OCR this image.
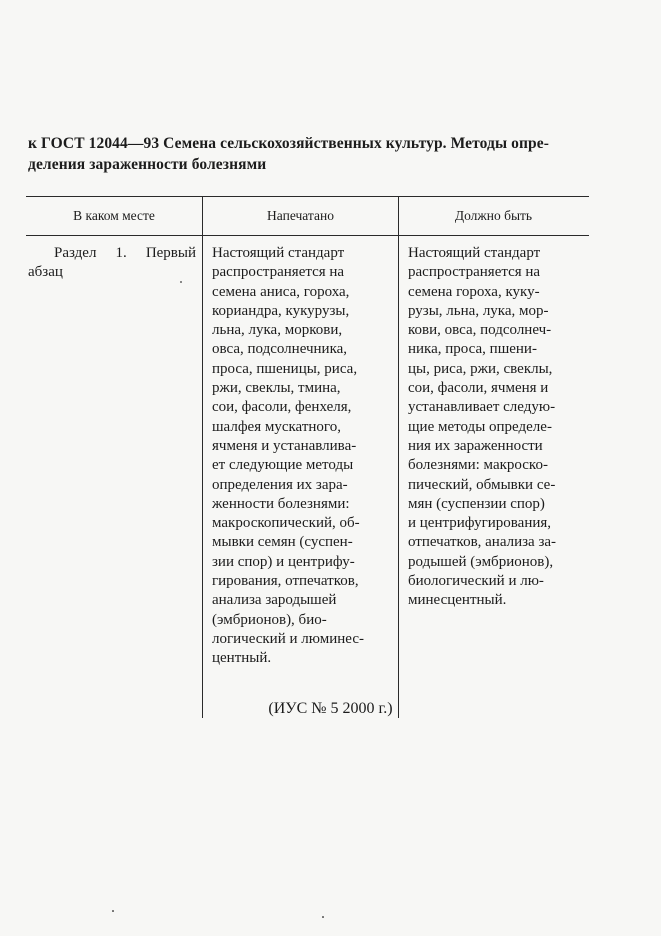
к ГОСТ 12044—93 Семена сельскохозяйственных культур. Методы опре-
деления зараженности болезнями
В каком месте	Напечатано	Должно быть
Раздел 1. Первый абзац
Настоящий стандарт
распространяется на
семена аниса, гороха,
кориандра, кукурузы,
льна, лука, моркови,
овса, подсолнечника,
проса, пшеницы, риса,
ржи, свеклы, тмина,
сои, фасоли, фенхеля,
шалфея мускатного,
ячменя и устанавлива-
ет следующие методы
определения их зара-
женности болезнями:
макроскопический, об-
мывки семян (суспен-
зии спор) и центрифу-
гирования, отпечатков,
анализа зародышей
(эмбрионов), био-
логический и люминес-
центный.
Настоящий стандарт
распространяется на
семена гороха, куку-
рузы, льна, лука, мор-
кови, овса, подсолнеч-
ника, проса, пшени-
цы, риса, ржи, свеклы,
сои, фасоли, ячменя и
устанавливает следую-
щие методы определе-
ния их зараженности
болезнями: макроско-
пический, обмывки се-
мян (суспензии спор)
и центрифугирования,
отпечатков, анализа за-
родышей (эмбрионов),
биологический и лю-
минесцентный.
(ИУС № 5 2000 г.)
